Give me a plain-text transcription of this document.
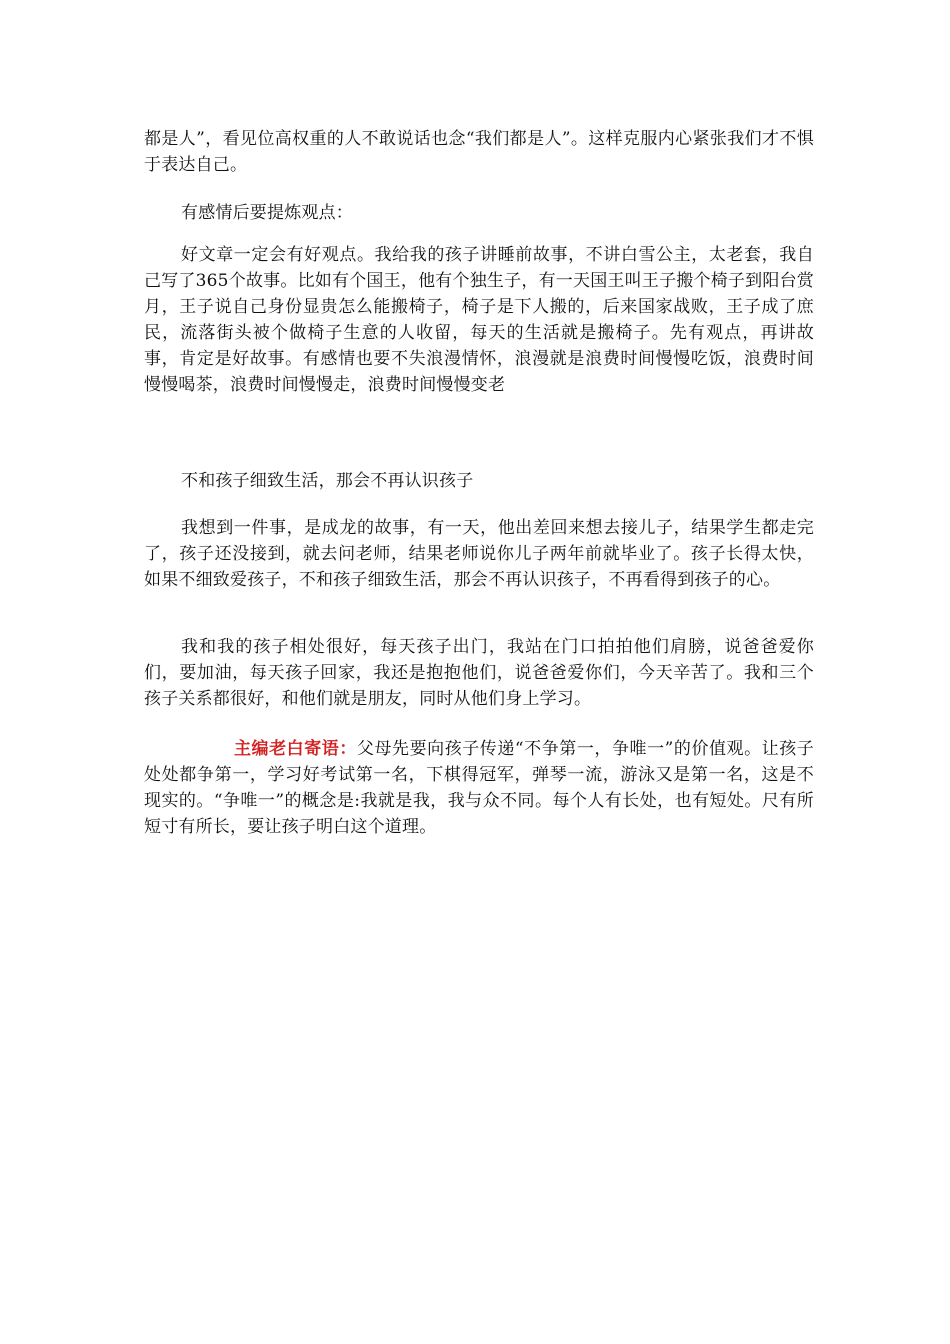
都是人”，看见位高权重的人不敢说话也念“我们都是人”。这样克服内心紧张我们才不惧于表达自己。

有感情后要提炼观点：

好文章一定会有好观点。我给我的孩子讲睡前故事，不讲白雪公主，太老套，我自己写了365个故事。比如有个国王，他有个独生子，有一天国王叫王子搬个椅子到阳台赏月，王子说自己身份显贵怎么能搬椅子，椅子是下人搬的，后来国家战败，王子成了庶民，流落街头被个做椅子生意的人收留，每天的生活就是搬椅子。先有观点，再讲故事，肯定是好故事。有感情也要不失浪漫情怀，浪漫就是浪费时间慢慢吃饭，浪费时间慢慢喝茶，浪费时间慢慢走，浪费时间慢慢变老

不和孩子细致生活，那会不再认识孩子

我想到一件事，是成龙的故事，有一天，他出差回来想去接儿子，结果学生都走完了，孩子还没接到，就去问老师，结果老师说你儿子两年前就毕业了。孩子长得太快，如果不细致爱孩子，不和孩子细致生活，那会不再认识孩子，不再看得到孩子的心。

我和我的孩子相处很好，每天孩子出门，我站在门口拍拍他们肩膀，说爸爸爱你们，要加油，每天孩子回家，我还是抱抱他们，说爸爸爱你们，今天辛苦了。我和三个孩子关系都很好，和他们就是朋友，同时从他们身上学习。

主编老白寄语：父母先要向孩子传递“不争第一，争唯一”的价值观。让孩子处处都争第一，学习好考试第一名，下棋得冠军，弹琴一流，游泳又是第一名，这是不现实的。“争唯一”的概念是:我就是我，我与众不同。每个人有长处，也有短处。尺有所短寸有所长，要让孩子明白这个道理。
